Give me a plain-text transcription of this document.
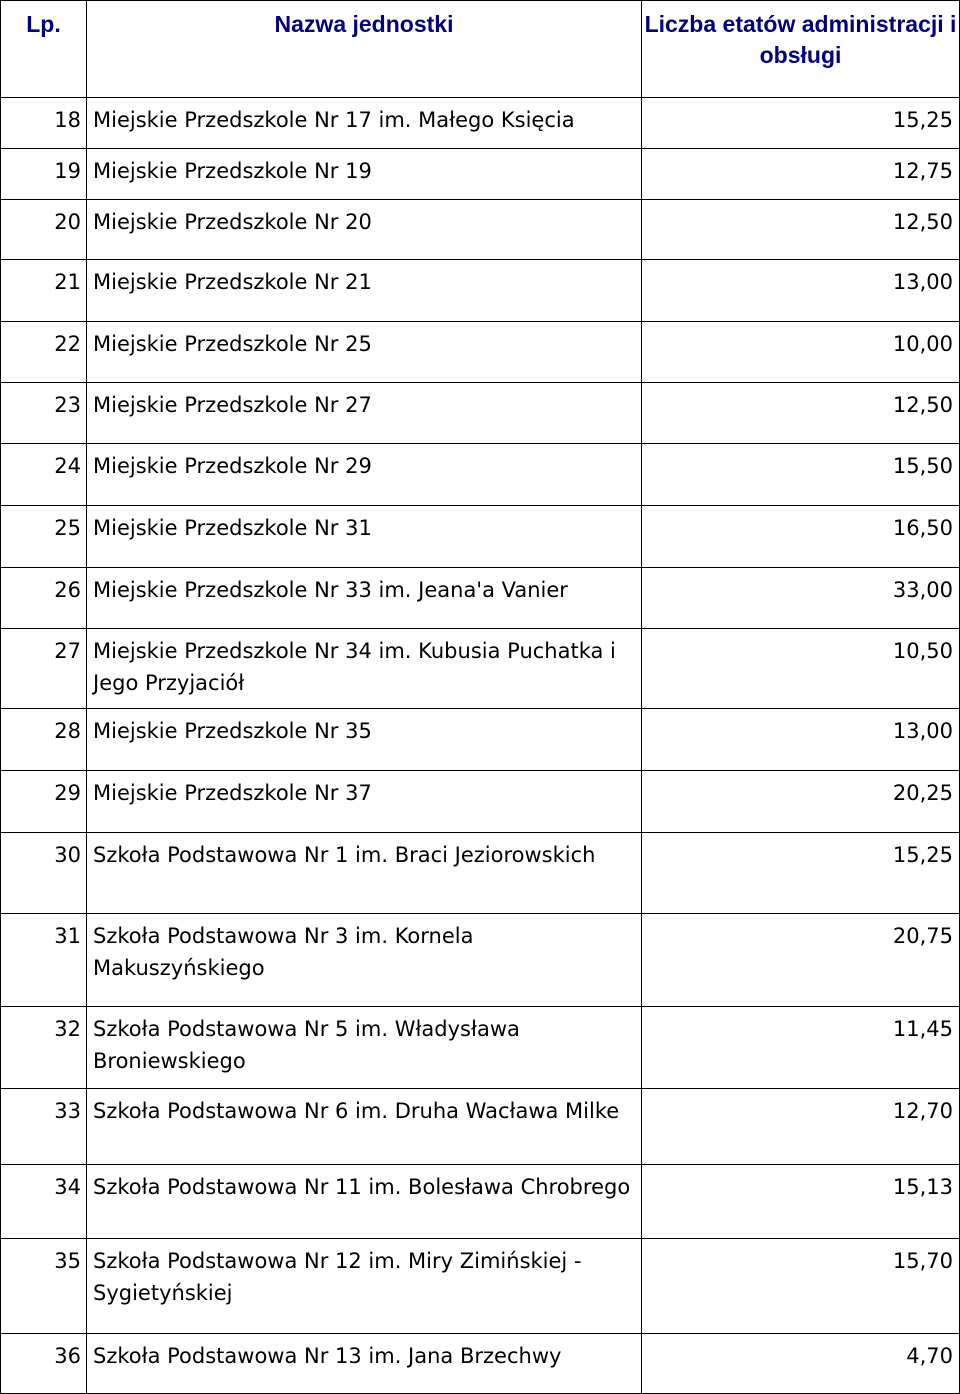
Lp.	Nazwa jednostki	Liczba etatów administracji i obsługi
18	Miejskie Przedszkole Nr 17 im. Małego Księcia	15,25
19	Miejskie Przedszkole Nr 19	12,75
20	Miejskie Przedszkole Nr 20	12,50
21	Miejskie Przedszkole Nr 21	13,00
22	Miejskie Przedszkole Nr 25	10,00
23	Miejskie Przedszkole Nr 27	12,50
24	Miejskie Przedszkole Nr 29	15,50
25	Miejskie Przedszkole Nr 31	16,50
26	Miejskie Przedszkole Nr 33 im. Jeana'a Vanier	33,00
27	Miejskie Przedszkole Nr 34 im. Kubusia Puchatka i Jego Przyjaciół	10,50
28	Miejskie Przedszkole Nr 35	13,00
29	Miejskie Przedszkole Nr 37	20,25
30	Szkoła Podstawowa Nr 1 im. Braci Jeziorowskich	15,25
31	Szkoła Podstawowa Nr 3 im. Kornela Makuszyńskiego	20,75
32	Szkoła Podstawowa Nr 5 im. Władysława Broniewskiego	11,45
33	Szkoła Podstawowa Nr 6 im. Druha Wacława Milke	12,70
34	Szkoła Podstawowa Nr 11 im. Bolesława Chrobrego	15,13
35	Szkoła Podstawowa Nr 12 im. Miry Zimińskiej - Sygietyńskiej	15,70
36	Szkoła Podstawowa Nr 13 im. Jana Brzechwy	4,70
